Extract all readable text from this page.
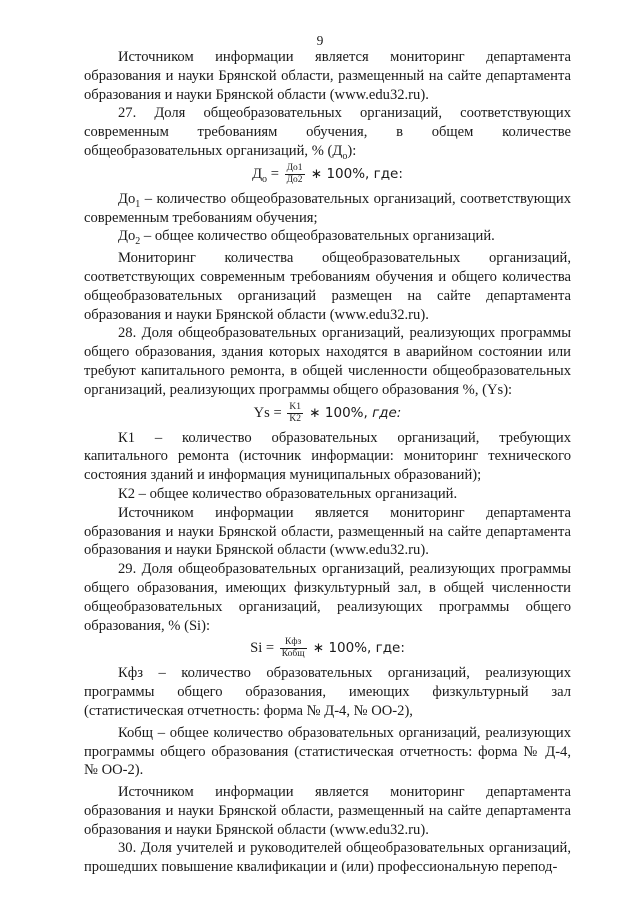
9

Источником информации является мониторинг департамента образования и науки Брянской области, размещенный на сайте департамента образования и науки Брянской области (www.edu32.ru).

27. Доля общеобразовательных организаций, соответствующих современным требованиям обучения, в общем количестве общеобразовательных организаций, % $(Д_о)$:

$Д_о = \frac{До1}{До2}$ ∗ 100%, где:

$До_1$ – количество общеобразовательных организаций, соответствующих современным требованиям обучения;

$До_2$ – общее количество общеобразовательных организаций.

Мониторинг количества общеобразовательных организаций, соответствующих современным требованиям обучения и общего количества общеобразовательных организаций размещен на сайте департамента образования и науки Брянской области (www.edu32.ru).

28. Доля общеобразовательных организаций, реализующих программы общего образования, здания которых находятся в аварийном состоянии или требуют капитального ремонта, в общей численности общеобразовательных организаций, реализующих программы общего образования %, (Ys):

$Ys = \frac{K1}{K2}$ ∗ 100%, где:

К1 – количество образовательных организаций, требующих капитального ремонта (источник информации: мониторинг технического состояния зданий и информация муниципальных образований);

К2 – общее количество образовательных организаций.

Источником информации является мониторинг департамента образования и науки Брянской области, размещенный на сайте департамента образования и науки Брянской области (www.edu32.ru).

29. Доля общеобразовательных организаций, реализующих программы общего образования, имеющих физкультурный зал, в общей численности общеобразовательных организаций, реализующих программы общего образования, % (Si):

$Si = \frac{\text{Кфз}}{\text{Кобщ}}$ ∗ 100%, где:

Кфз – количество образовательных организаций, реализующих программы общего образования, имеющих физкультурный зал (статистическая отчетность: форма № Д-4, № ОО-2),

Кобщ – общее количество образовательных организаций, реализующих программы общего образования (статистическая отчетность: форма № Д-4, № ОО-2).

Источником информации является мониторинг департамента образования и науки Брянской области, размещенный на сайте департамента образования и науки Брянской области (www.edu32.ru).

30. Доля учителей и руководителей общеобразовательных организаций, прошедших повышение квалификации и (или) профессиональную перепод-
